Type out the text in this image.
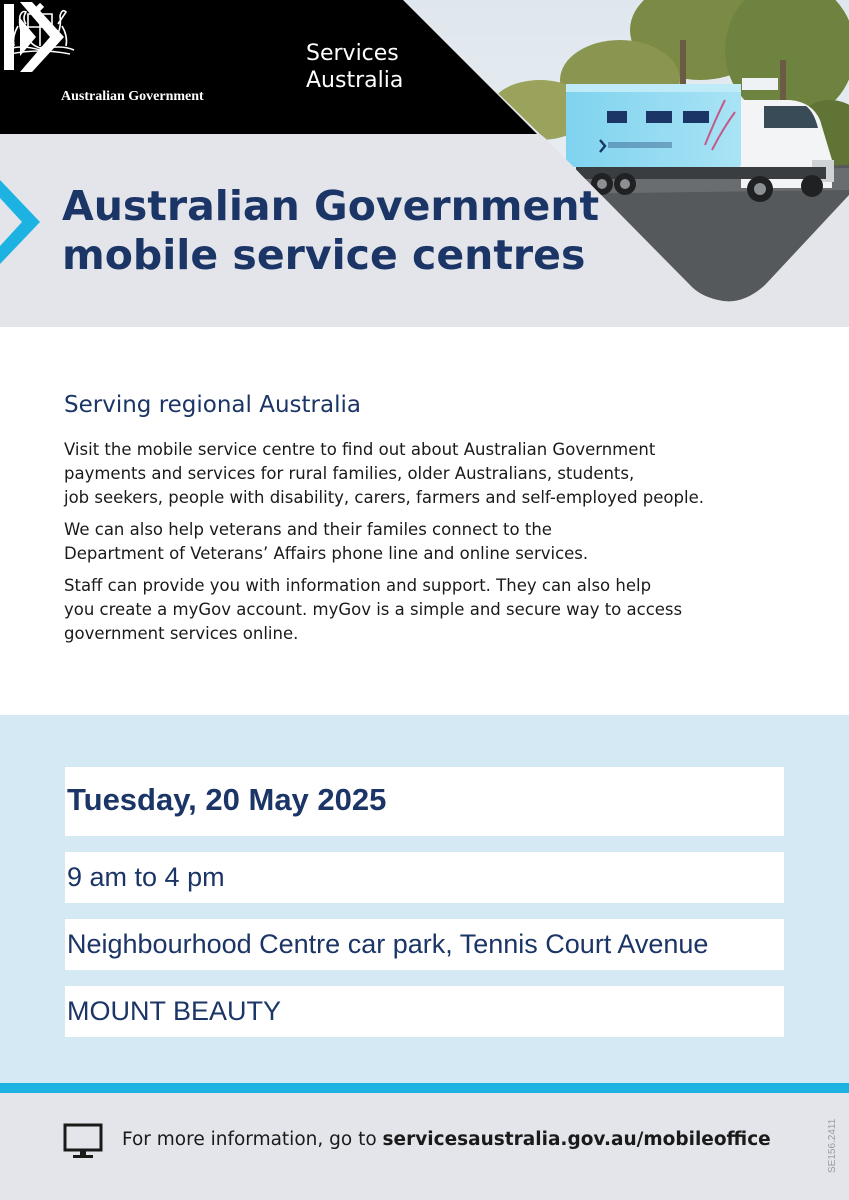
Australian Government
Services
Australia
Australian Government
mobile service centres
Serving regional Australia

Visit the mobile service centre to find out about Australian Government
payments and services for rural families, older Australians, students,
job seekers, people with disability, carers, farmers and self-employed people.

We can also help veterans and their familes connect to the
Department of Veterans’ Affairs phone line and online services.

Staff can provide you with information and support. They can also help
you create a myGov account. myGov is a simple and secure way to access
government services online.

Tuesday, 20 May 2025
9 am to 4 pm
Neighbourhood Centre car park, Tennis Court Avenue
MOUNT BEAUTY
For more information, go to servicesaustralia.gov.au/mobileoffice	SE156.2411
